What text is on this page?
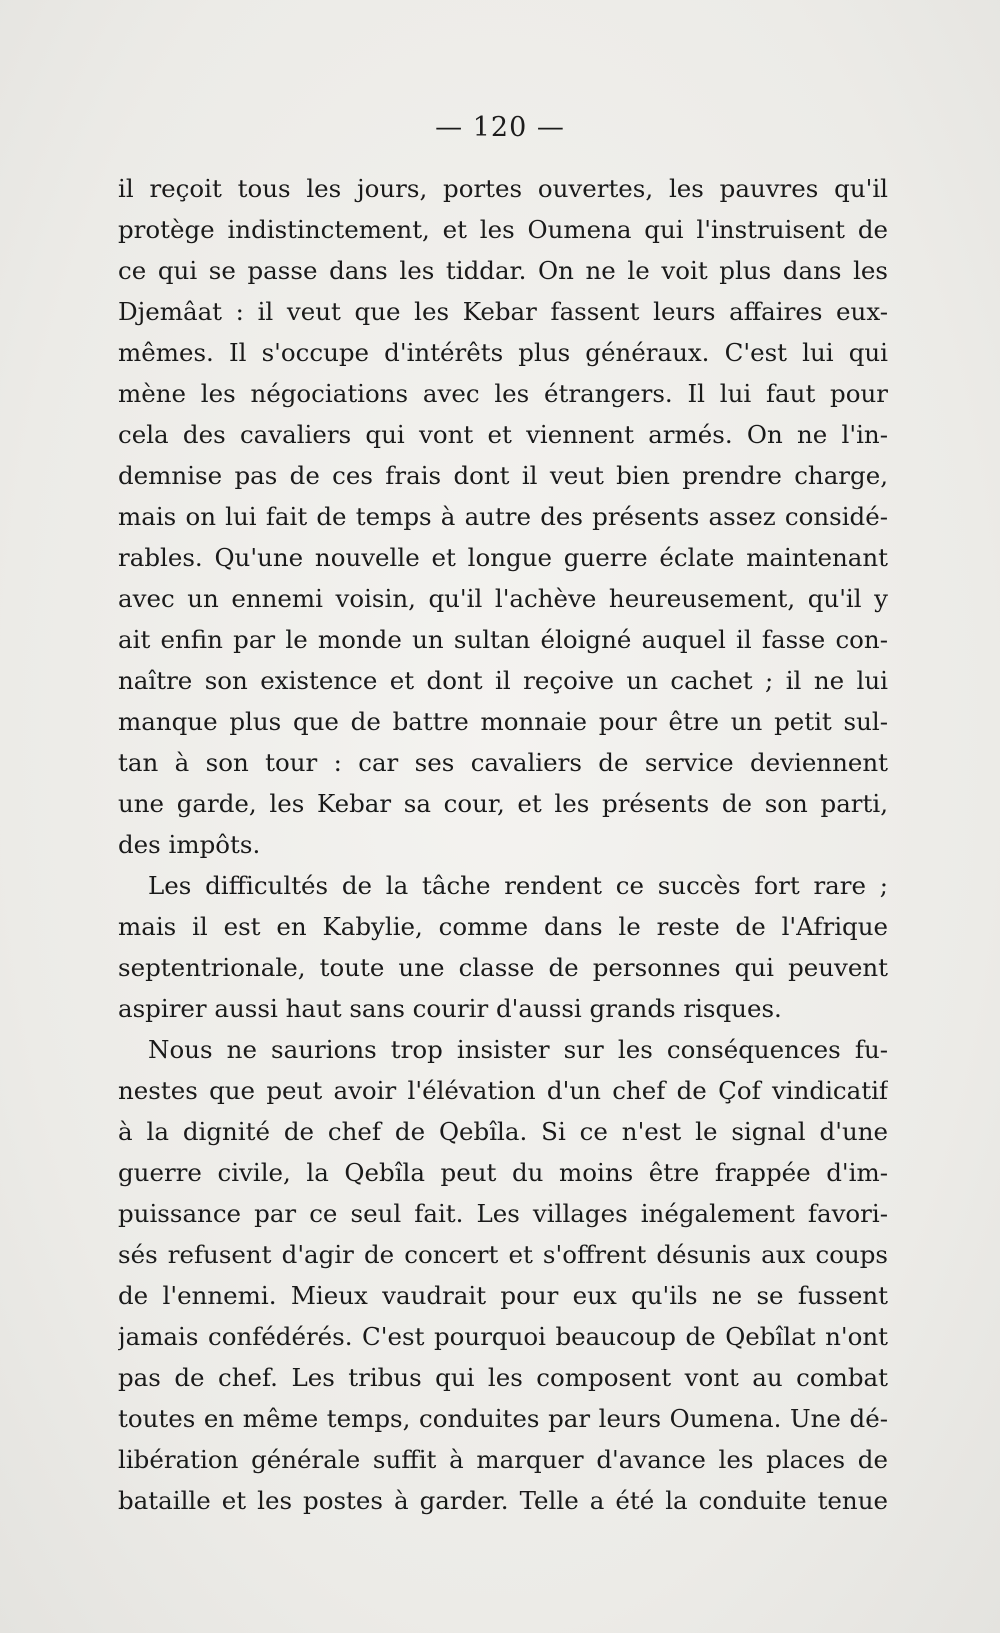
— 120 —

il reçoit tous les jours, portes ouvertes, les pauvres qu'il
protège indistinctement, et les Oumena qui l'instruisent de
ce qui se passe dans les tiddar. On ne le voit plus dans les
Djemâat : il veut que les Kebar fassent leurs affaires eux-
mêmes. Il s'occupe d'intérêts plus généraux. C'est lui qui
mène les négociations avec les étrangers. Il lui faut pour
cela des cavaliers qui vont et viennent armés. On ne l'in-
demnise pas de ces frais dont il veut bien prendre charge,
mais on lui fait de temps à autre des présents assez considé-
rables. Qu'une nouvelle et longue guerre éclate maintenant
avec un ennemi voisin, qu'il l'achève heureusement, qu'il y
ait enfin par le monde un sultan éloigné auquel il fasse con-
naître son existence et dont il reçoive un cachet ; il ne lui
manque plus que de battre monnaie pour être un petit sul-
tan à son tour : car ses cavaliers de service deviennent
une garde, les Kebar sa cour, et les présents de son parti,
des impôts.

Les difficultés de la tâche rendent ce succès fort rare ;
mais il est en Kabylie, comme dans le reste de l'Afrique
septentrionale, toute une classe de personnes qui peuvent
aspirer aussi haut sans courir d'aussi grands risques.

Nous ne saurions trop insister sur les conséquences fu-
nestes que peut avoir l'élévation d'un chef de Çof vindicatif
à la dignité de chef de Qebîla. Si ce n'est le signal d'une
guerre civile, la Qebîla peut du moins être frappée d'im-
puissance par ce seul fait. Les villages inégalement favori-
sés refusent d'agir de concert et s'offrent désunis aux coups
de l'ennemi. Mieux vaudrait pour eux qu'ils ne se fussent
jamais confédérés. C'est pourquoi beaucoup de Qebîlat n'ont
pas de chef. Les tribus qui les composent vont au combat
toutes en même temps, conduites par leurs Oumena. Une dé-
libération générale suffit à marquer d'avance les places de
bataille et les postes à garder. Telle a été la conduite tenue
